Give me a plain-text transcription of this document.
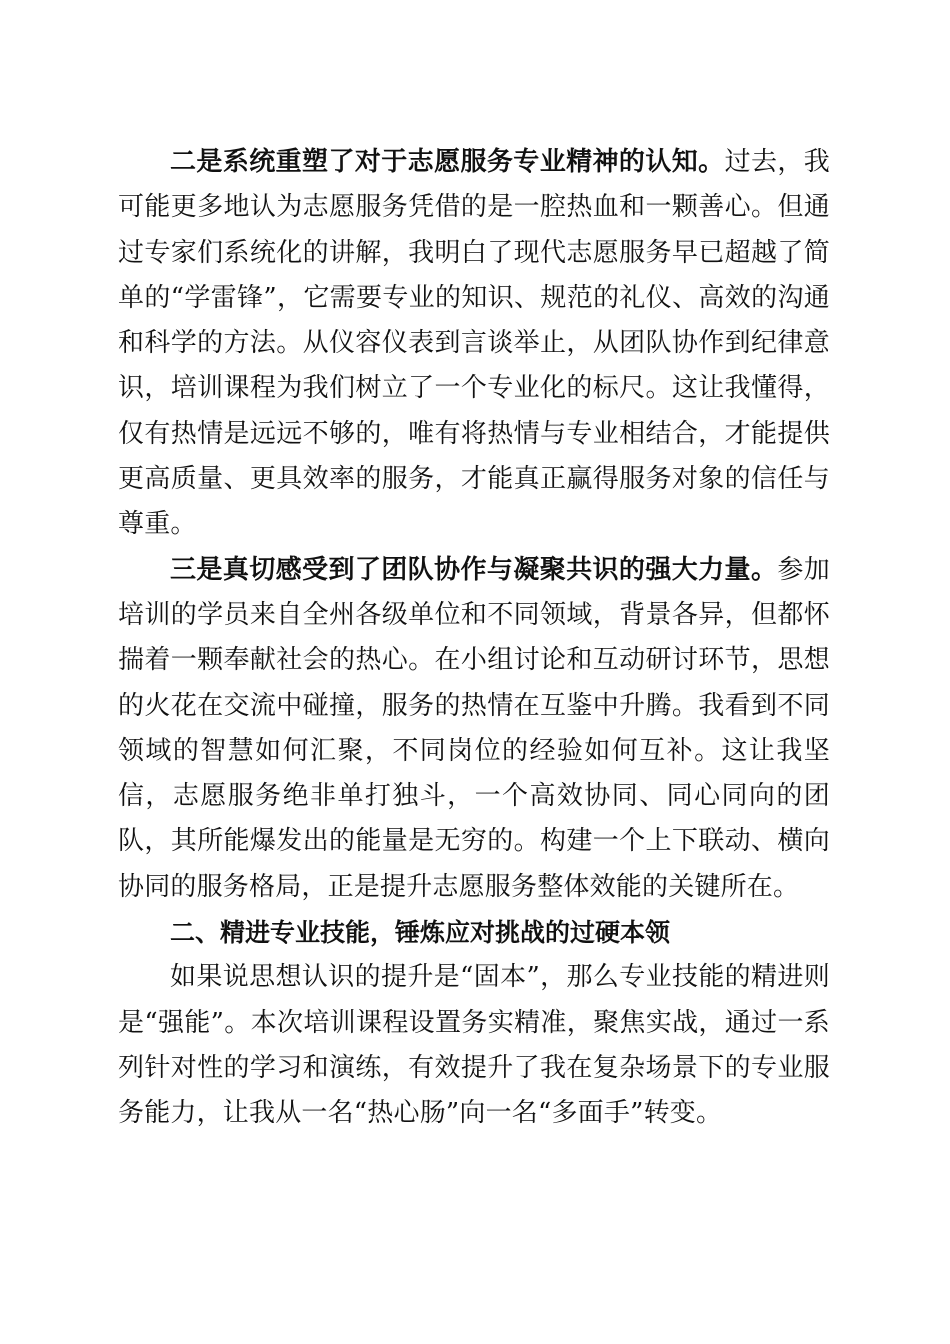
二是系统重塑了对于志愿服务专业精神的认知。过去，我可能更多地认为志愿服务凭借的是一腔热血和一颗善心。但通过专家们系统化的讲解，我明白了现代志愿服务早已超越了简单的“学雷锋”，它需要专业的知识、规范的礼仪、高效的沟通和科学的方法。从仪容仪表到言谈举止，从团队协作到纪律意识，培训课程为我们树立了一个专业化的标尺。这让我懂得，仅有热情是远远不够的，唯有将热情与专业相结合，才能提供更高质量、更具效率的服务，才能真正赢得服务对象的信任与尊重。

三是真切感受到了团队协作与凝聚共识的强大力量。参加培训的学员来自全州各级单位和不同领域，背景各异，但都怀揣着一颗奉献社会的热心。在小组讨论和互动研讨环节，思想的火花在交流中碰撞，服务的热情在互鉴中升腾。我看到不同领域的智慧如何汇聚，不同岗位的经验如何互补。这让我坚信，志愿服务绝非单打独斗，一个高效协同、同心同向的团队，其所能爆发出的能量是无穷的。构建一个上下联动、横向协同的服务格局，正是提升志愿服务整体效能的关键所在。

二、精进专业技能，锤炼应对挑战的过硬本领

如果说思想认识的提升是“固本”，那么专业技能的精进则是“强能”。本次培训课程设置务实精准，聚焦实战，通过一系列针对性的学习和演练，有效提升了我在复杂场景下的专业服务能力，让我从一名“热心肠”向一名“多面手”转变。
